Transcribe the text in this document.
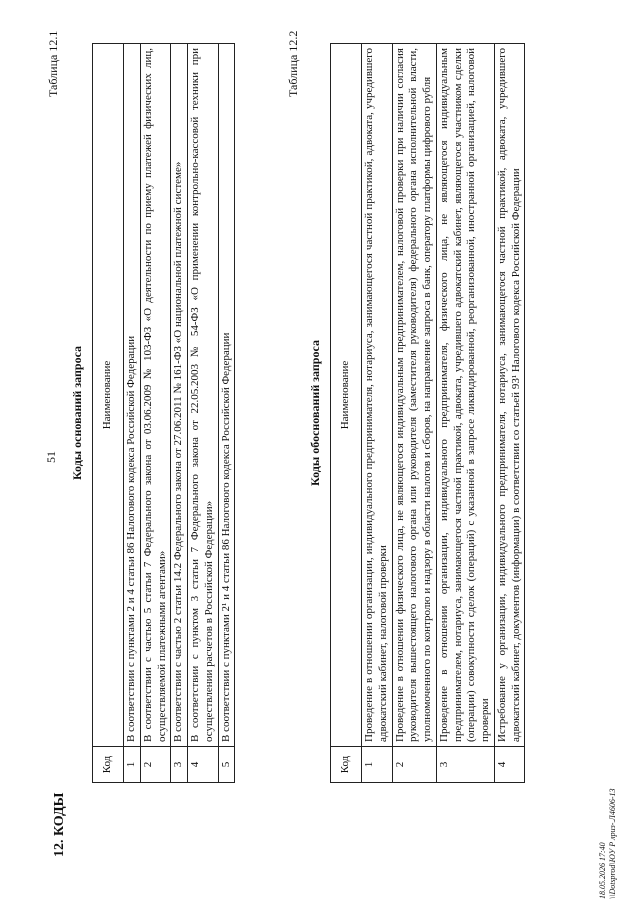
51
12. КОДЫ
Таблица 12.1
Коды оснований запроса
Код	Наименование
1	В соответствии с пунктами 2 и 4 статьи 86 Налогового кодекса Российской Федерации
2	В соответствии с частью 5 статьи 7 Федерального закона от 03.06.2009 № 103-ФЗ «О деятельности по приему платежей физических лиц, осуществляемой платежными агентами»
3	В соответствии с частью 2 статьи 14.2 Федерального закона от 27.06.2011 № 161-ФЗ «О национальной платежной системе»
4	В соответствии с пунктом 3 статьи 7 Федерального закона от 22.05.2003 № 54-ФЗ «О применении контрольно-кассовой техники при осуществлении расчетов в Российской Федерации»
5	В соответствии с пунктами 2¹ и 4 статьи 86 Налогового кодекса Российской Федерации
Таблица 12.2
Коды обоснований запроса
Код	Наименование
1	Проведение в отношении организации, индивидуального предпринимателя, нотариуса, занимающегося частной практикой, адвоката, учредившего адвокатский кабинет, налоговой проверки
2	Проведение в отношении физического лица, не являющегося индивидуальным предпринимателем, налоговой проверки при наличии согласия руководителя вышестоящего налогового органа или руководителя (заместителя руководителя) федерального органа исполнительной власти, уполномоченного по контролю и надзору в области налогов и сборов, на направление запроса в банк, оператору платформы цифрового рубля
3	Проведение в отношении организации, индивидуального предпринимателя, физического лица, не являющегося индивидуальным предпринимателем, нотариуса, занимающегося частной практикой, адвоката, учредившего адвокатский кабинет, являющегося участником сделки (операции) совокупности сделок (операций) с указанной в запросе ликвидированной, реорганизованной, иностранной организацией, налоговой проверки
4	Истребование у организации, индивидуального предпринимателя, нотариуса, занимающегося частной практикой, адвоката, учредившего адвокатский кабинет, документов (информации) в соответствии со статьей 93¹ Налогового кодекса Российской Федерации
18.05.2026 17:40 \\Dotsprod\ЮУ Р лриз-.Л4606-13
